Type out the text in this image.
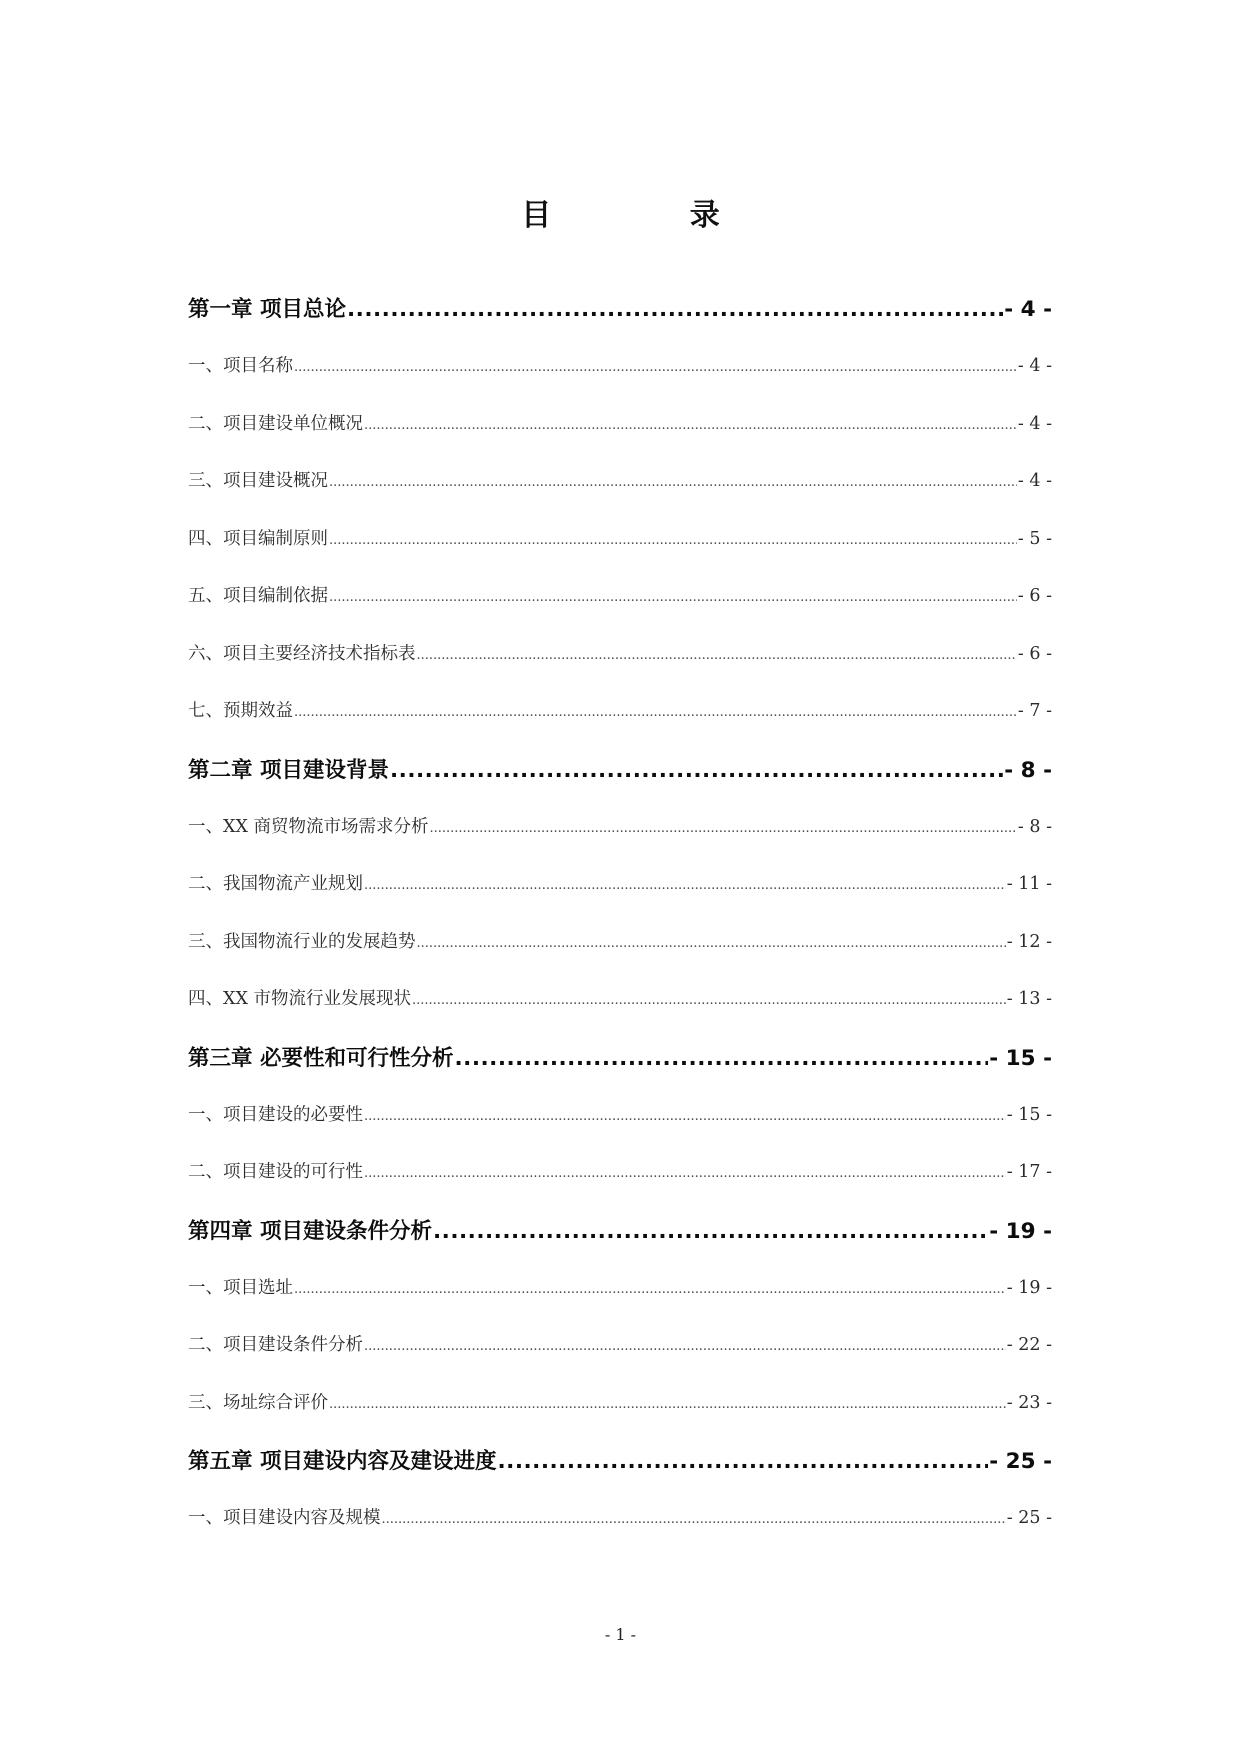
目 录
第一章 项目总论 .....	- 4 -
一、项目名称 .....	- 4 -
二、项目建设单位概况 .....	- 4 -
三、项目建设概况 .....	- 4 -
四、项目编制原则 .....	- 5 -
五、项目编制依据 .....	- 6 -
六、项目主要经济技术指标表 .....	- 6 -
七、预期效益 .....	- 7 -
第二章 项目建设背景 .....	- 8 -
一、XX 商贸物流市场需求分析 .....	- 8 -
二、我国物流产业规划 .....	- 11 -
三、我国物流行业的发展趋势 .....	- 12 -
四、XX 市物流行业发展现状 .....	- 13 -
第三章 必要性和可行性分析 .....	- 15 -
一、项目建设的必要性 .....	- 15 -
二、项目建设的可行性 .....	- 17 -
第四章 项目建设条件分析 .....	- 19 -
一、项目选址 .....	- 19 -
二、项目建设条件分析 .....	- 22 -
三、场址综合评价 .....	- 23 -
第五章 项目建设内容及建设进度 .....	- 25 -
一、项目建设内容及规模 .....	- 25 -
- 1 -
